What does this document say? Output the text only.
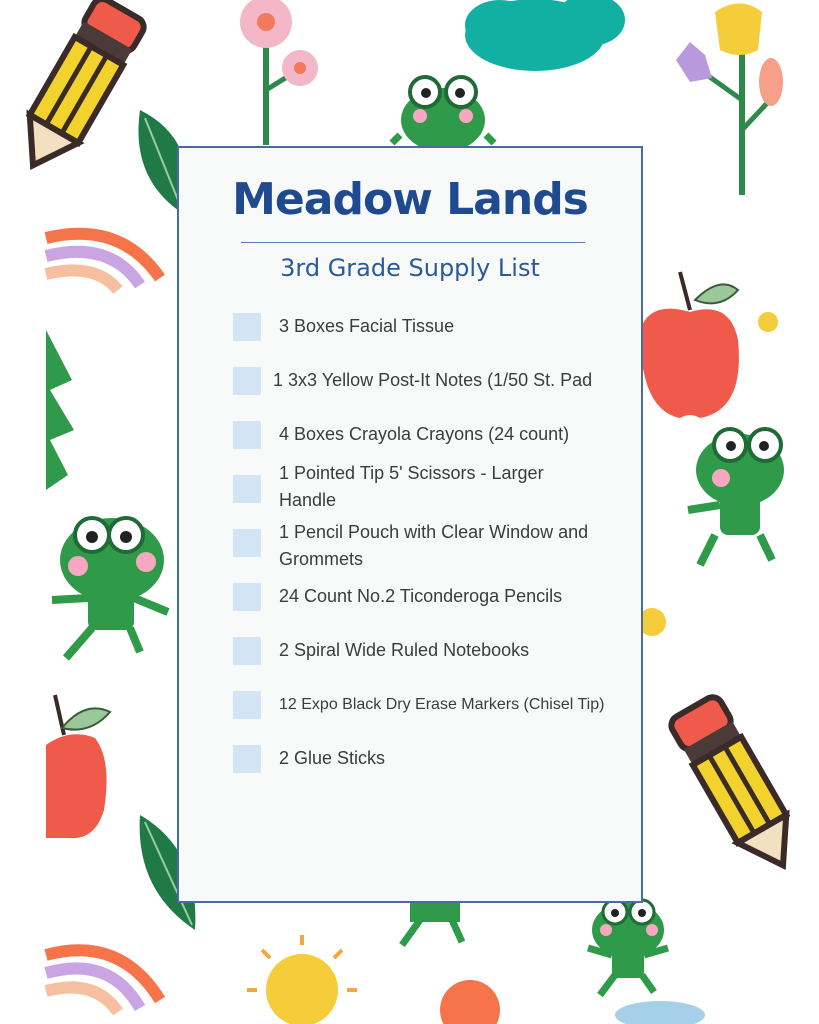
Meadow Lands
3rd Grade Supply List
3 Boxes Facial Tissue
1 3x3 Yellow Post-It Notes (1/50 St. Pad
4 Boxes Crayola Crayons (24 count)
1 Pointed Tip 5' Scissors - Larger Handle
1 Pencil Pouch with Clear Window and Grommets
24 Count No.2 Ticonderoga Pencils
2 Spiral Wide Ruled Notebooks
12 Expo Black Dry Erase Markers (Chisel Tip)
2 Glue Sticks
